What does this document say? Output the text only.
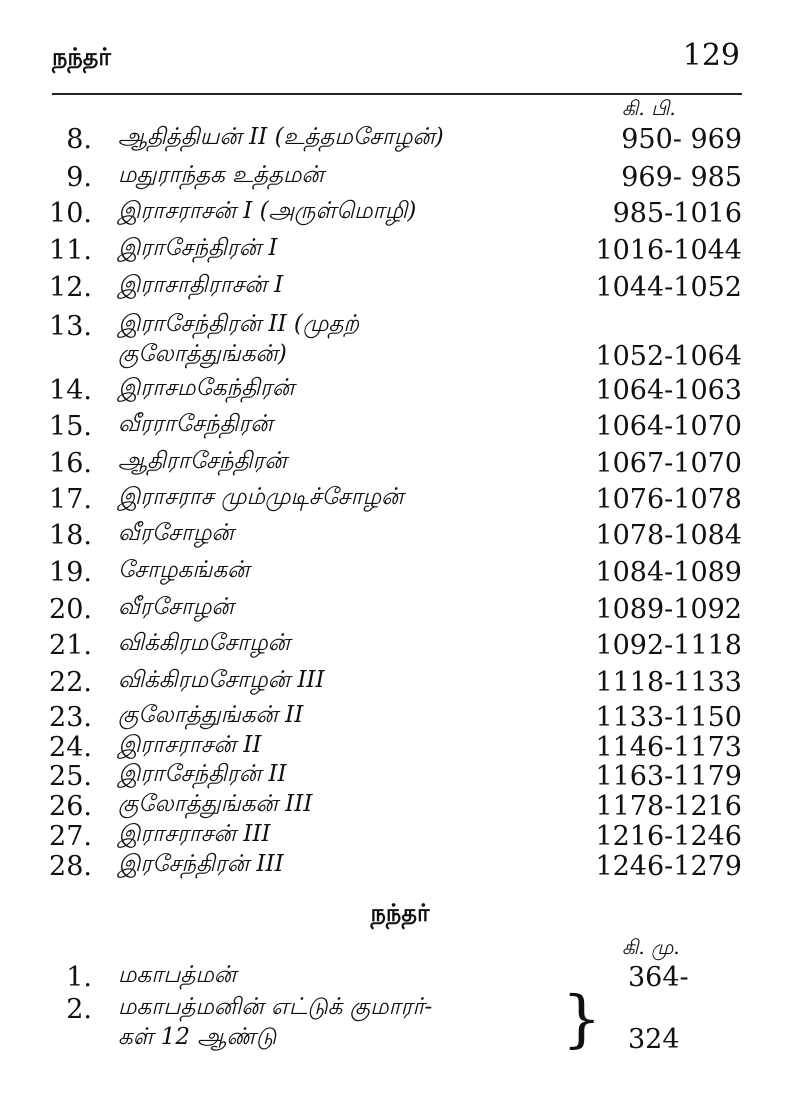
நந்தர்	129
கி. பி.
8. ஆதித்தியன் II (உத்தமசோழன்)	950- 969
9. மதுராந்தக உத்தமன்	969- 985
10. இராசராசன் I (அருள்மொழி)	985-1016
11. இராசேந்திரன் I	1016-1044
12. இராசாதிராசன் I	1044-1052
13. இராசேந்திரன் II (முதற்
குலோத்துங்கன்)	1052-1064
14. இராசமகேந்திரன்	1064-1063
15. வீரராசேந்திரன்	1064-1070
16. ஆதிராசேந்திரன்	1067-1070
17. இராசராச மும்முடிச்சோழன்	1076-1078
18. வீரசோழன்	1078-1084
19. சோழகங்கன்	1084-1089
20. வீரசோழன்	1089-1092
21. விக்கிரமசோழன்	1092-1118
22. விக்கிரமசோழன் III	1118-1133
23. குலோத்துங்கன் II	1133-1150
24. இராசராசன் II	1146-1173
25. இராசேந்திரன் II	1163-1179
26. குலோத்துங்கன் III	1178-1216
27. இராசராசன் III	1216-1246
28. இரசேந்திரன் III	1246-1279
நந்தர்
கி. மு.
1. மகாபத்மன்	364-
2. மகாபத்மனின் எட்டுக் குமாரர்-
கள் 12 ஆண்டு	324
}
